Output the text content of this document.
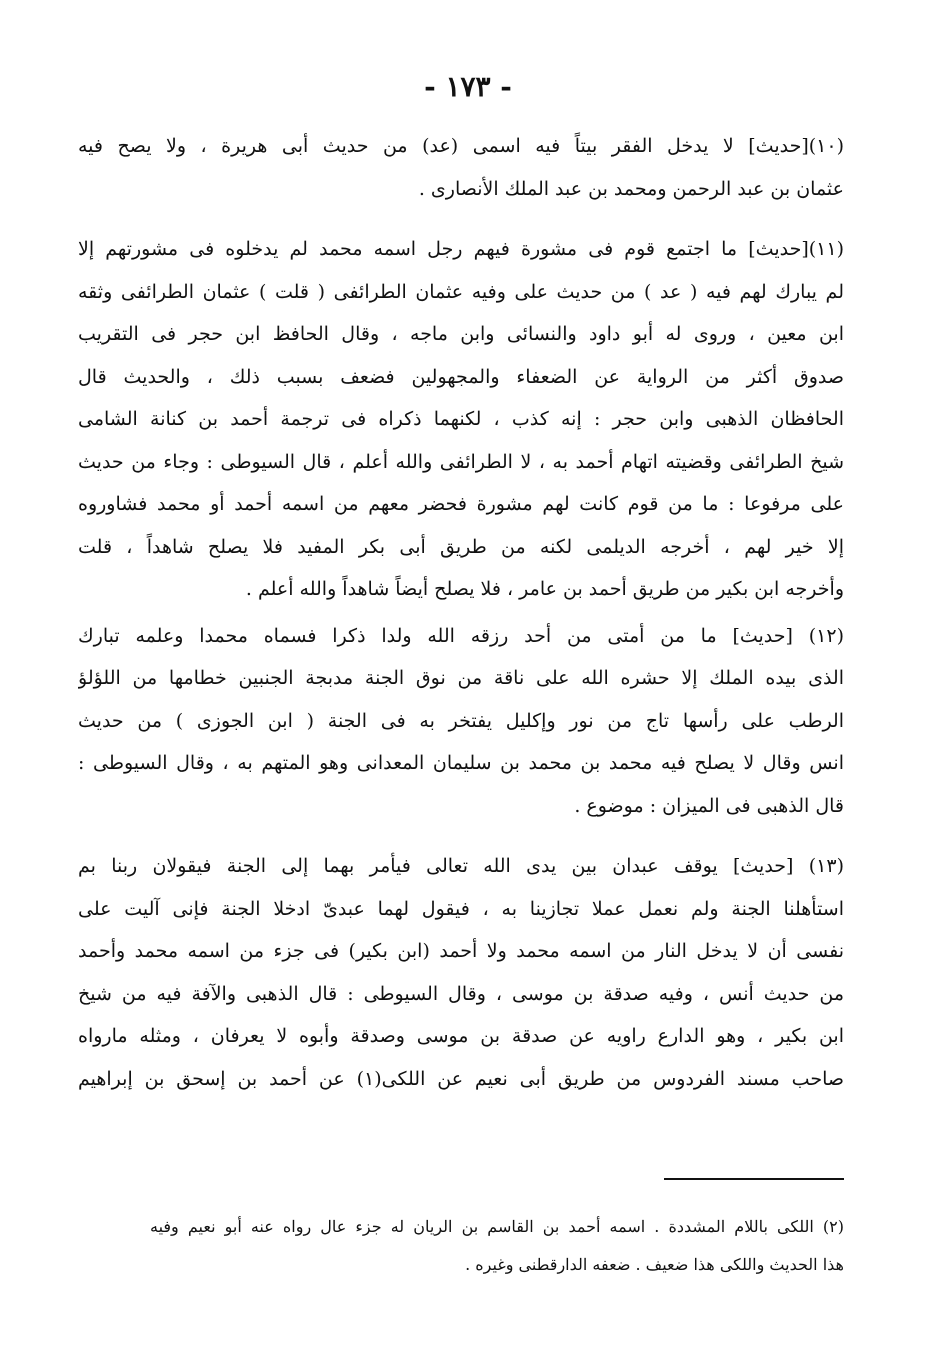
- ١٧٣ -
(١٠)[حديث] لا يدخل الفقر بيتاً فيه اسمى (عد) من حديث أبى هريرة ، ولا يصح فيه
عثمان بن عبد الرحمن ومحمد بن عبد الملك الأنصارى .
(١١)[حديث] ما اجتمع قوم فى مشورة فيهم رجل اسمه محمد لم يدخلوه فى مشورتهم إلا
لم يبارك لهم فيه ( عد ) من حديث على وفيه عثمان الطرائفى ( قلت ) عثمان الطرائفى وثقه
ابن معين ، وروى له أبو داود والنسائى وابن ماجه ، وقال الحافظ ابن حجر فى التقريب
صدوق أكثر من الرواية عن الضعفاء والمجهولين فضعف بسبب ذلك ، والحديث قال
الحافظان الذهبى وابن حجر : إنه كذب ، لكنهما ذكراه فى ترجمة أحمد بن كنانة الشامى
شيخ الطرائفى وقضيته اتهام أحمد به ، لا الطرائفى والله أعلم ، قال السيوطى : وجاء من حديث
على مرفوعا : ما من قوم كانت لهم مشورة فحضر معهم من اسمه أحمد أو محمد فشاوروه
إلا خير لهم ، أخرجه الديلمى لكنه من طريق أبى بكر المفيد فلا يصلح شاهداً ، قلت
وأخرجه ابن بكير من طريق أحمد بن عامر ، فلا يصلح أيضاً شاهداً والله أعلم .
(١٢) [حديث] ما من أمتى من أحد رزقه الله ولدا ذكرا فسماه محمدا وعلمه تبارك
الذى بيده الملك إلا حشره الله على ناقة من نوق الجنة مدبجة الجنبين خطامها من اللؤلؤ
الرطب على رأسها تاج من نور وإكليل يفتخر به فى الجنة ( ابن الجوزى ) من حديث
انس وقال لا يصلح فيه محمد بن محمد بن سليمان المعدانى وهو المتهم به ، وقال السيوطى :
قال الذهبى فى الميزان : موضوع .
(١٣) [حديث] يوقف عبدان بين يدى الله تعالى فيأمر بهما إلى الجنة فيقولان ربنا بم
استأهلنا الجنة ولم نعمل عملا تجازينا به ، فيقول لهما عبدىّ ادخلا الجنة فإنى آليت على
نفسى أن لا يدخل النار من اسمه محمد ولا أحمد (ابن بكير) فى جزء من اسمه محمد وأحمد
من حديث أنس ، وفيه صدقة بن موسى ، وقال السيوطى : قال الذهبى والآفة فيه من شيخ
ابن بكير ، وهو الدارع راويه عن صدقة بن موسى وصدقة وأبوه لا يعرفان ، ومثله مارواه
صاحب مسند الفردوس من طريق أبى نعيم عن اللكى(١) عن أحمد بن إسحق بن إبراهيم
(٢) اللكى باللام المشددة . اسمه أحمد بن القاسم بن الريان له جزء عال رواه عنه أبو نعيم وفيه
هذا الحديث واللكى هذا ضعيف . ضعفه الدارقطنى وغيره .
